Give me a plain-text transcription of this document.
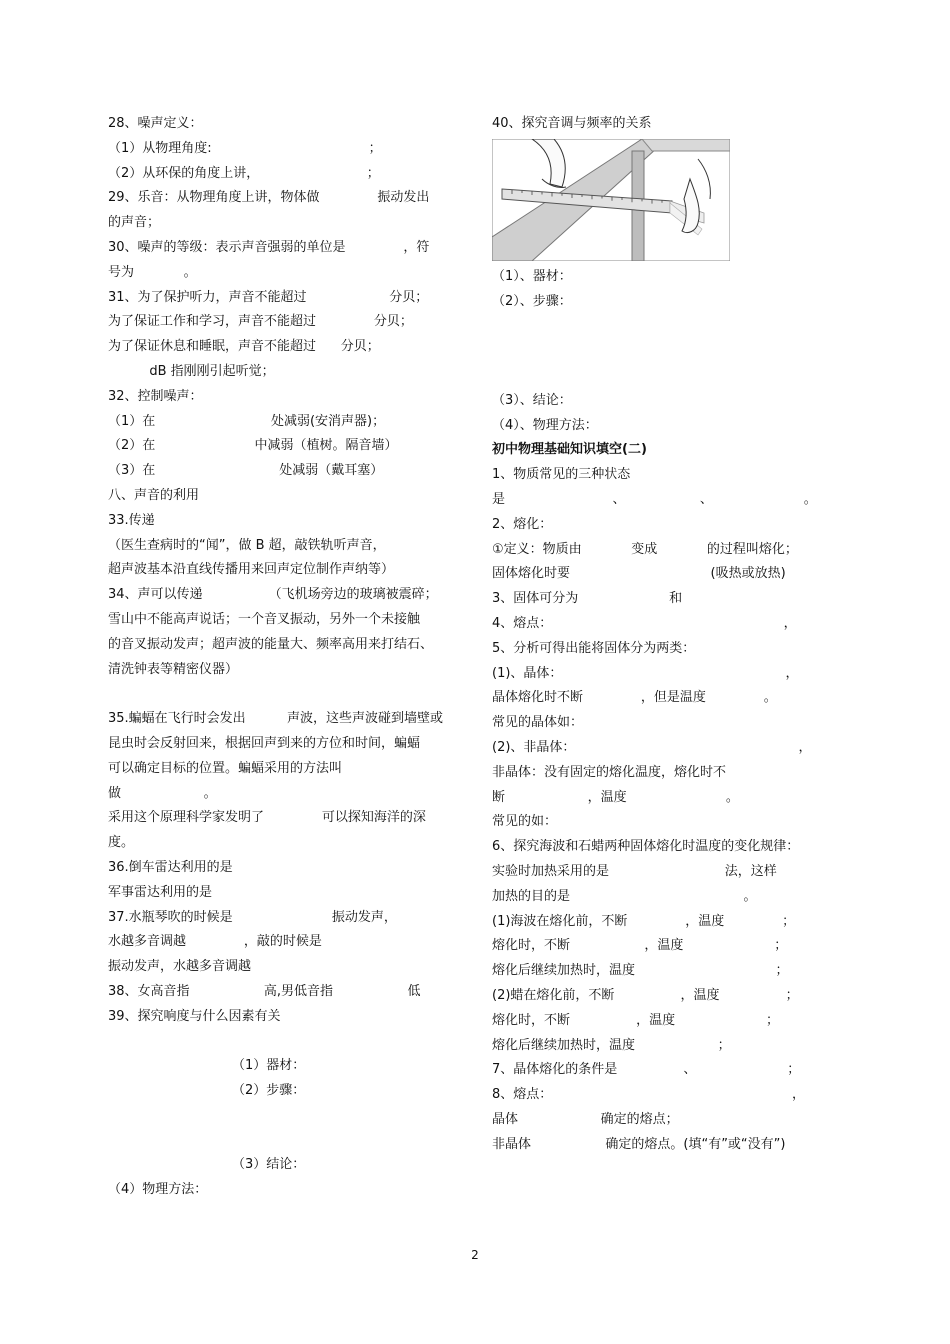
28、噪声定义：
（1）从物理角度:                                      ；
（2）从环保的角度上讲，                          ；
29、乐音：从物理角度上讲，物体做              振动发出
的声音；
30、噪声的等级：表示声音强弱的单位是              ，符
号为            。
31、为了保护听力，声音不能超过                    分贝；
为了保证工作和学习，声音不能超过              分贝；
为了保证休息和睡眠，声音不能超过      分贝；
dB 指刚刚引起听觉；
32、控制噪声：
（1）在                            处减弱(安消声器)；
（2）在                        中减弱（植树。隔音墙）
（3）在                              处减弱（戴耳塞）
八、声音的利用
33.传递
（医生查病时的“闻”，做 B 超，敲铁轨听声音，
超声波基本沿直线传播用来回声定位制作声纳等）
34、声可以传递                （飞机场旁边的玻璃被震碎；
雪山中不能高声说话；一个音叉振动，另外一个未接触
的音叉振动发声；超声波的能量大、频率高用来打结石、
清洗钟表等精密仪器）
35.蝙蝠在飞行时会发出          声波，这些声波碰到墙壁或
昆虫时会反射回来，根据回声到来的方位和时间，蝙蝠
可以确定目标的位置。蝙蝠采用的方法叫
做                    。
采用这个原理科学家发明了              可以探知海洋的深
度。
36.倒车雷达利用的是
军事雷达利用的是
37.水瓶琴吹的时候是                        振动发声，
水越多音调越              ，敲的时候是
振动发声，水越多音调越
38、女高音指                  高,男低音指                  低
39、探究响度与什么因素有关
（1）器材：
（2）步骤：
（3）结论：
（4）物理方法：
40、探究音调与频率的关系
（1）、器材：
（2）、步骤：
（3）、结论：
（4）、物理方法：
初中物理基础知识填空(二)
1、物质常见的三种状态
是                          、                  、                      。
2、熔化：
①定义：物质由            变成            的过程叫熔化；
固体熔化时要                                  (吸热或放热)
3、固体可分为                      和
4、熔点：                                                        ，
5、分析可得出能将固体分为两类：
(1)、晶体：                                                      ，
晶体熔化时不断              ，但是温度              。
常见的晶体如：
(2)、非晶体：                                                      ，
非晶体：没有固定的熔化温度，熔化时不
断                    ，温度                        。
常见的如：
6、探究海波和石蜡两种固体熔化时温度的变化规律：
实验时加热采用的是                            法，这样
加热的目的是                                          。
(1)海波在熔化前，不断              ，温度              ；
熔化时，不断                  ，温度                      ；
熔化后继续加热时，温度                                  ；
(2)蜡在熔化前，不断                ，温度                ；
熔化时，不断                ，温度                      ；
熔化后继续加热时，温度                    ；
7、晶体熔化的条件是                、                      ；
8、熔点：                                                          ，
晶体                    确定的熔点；
非晶体                  确定的熔点。(填“有”或“没有”)
2
